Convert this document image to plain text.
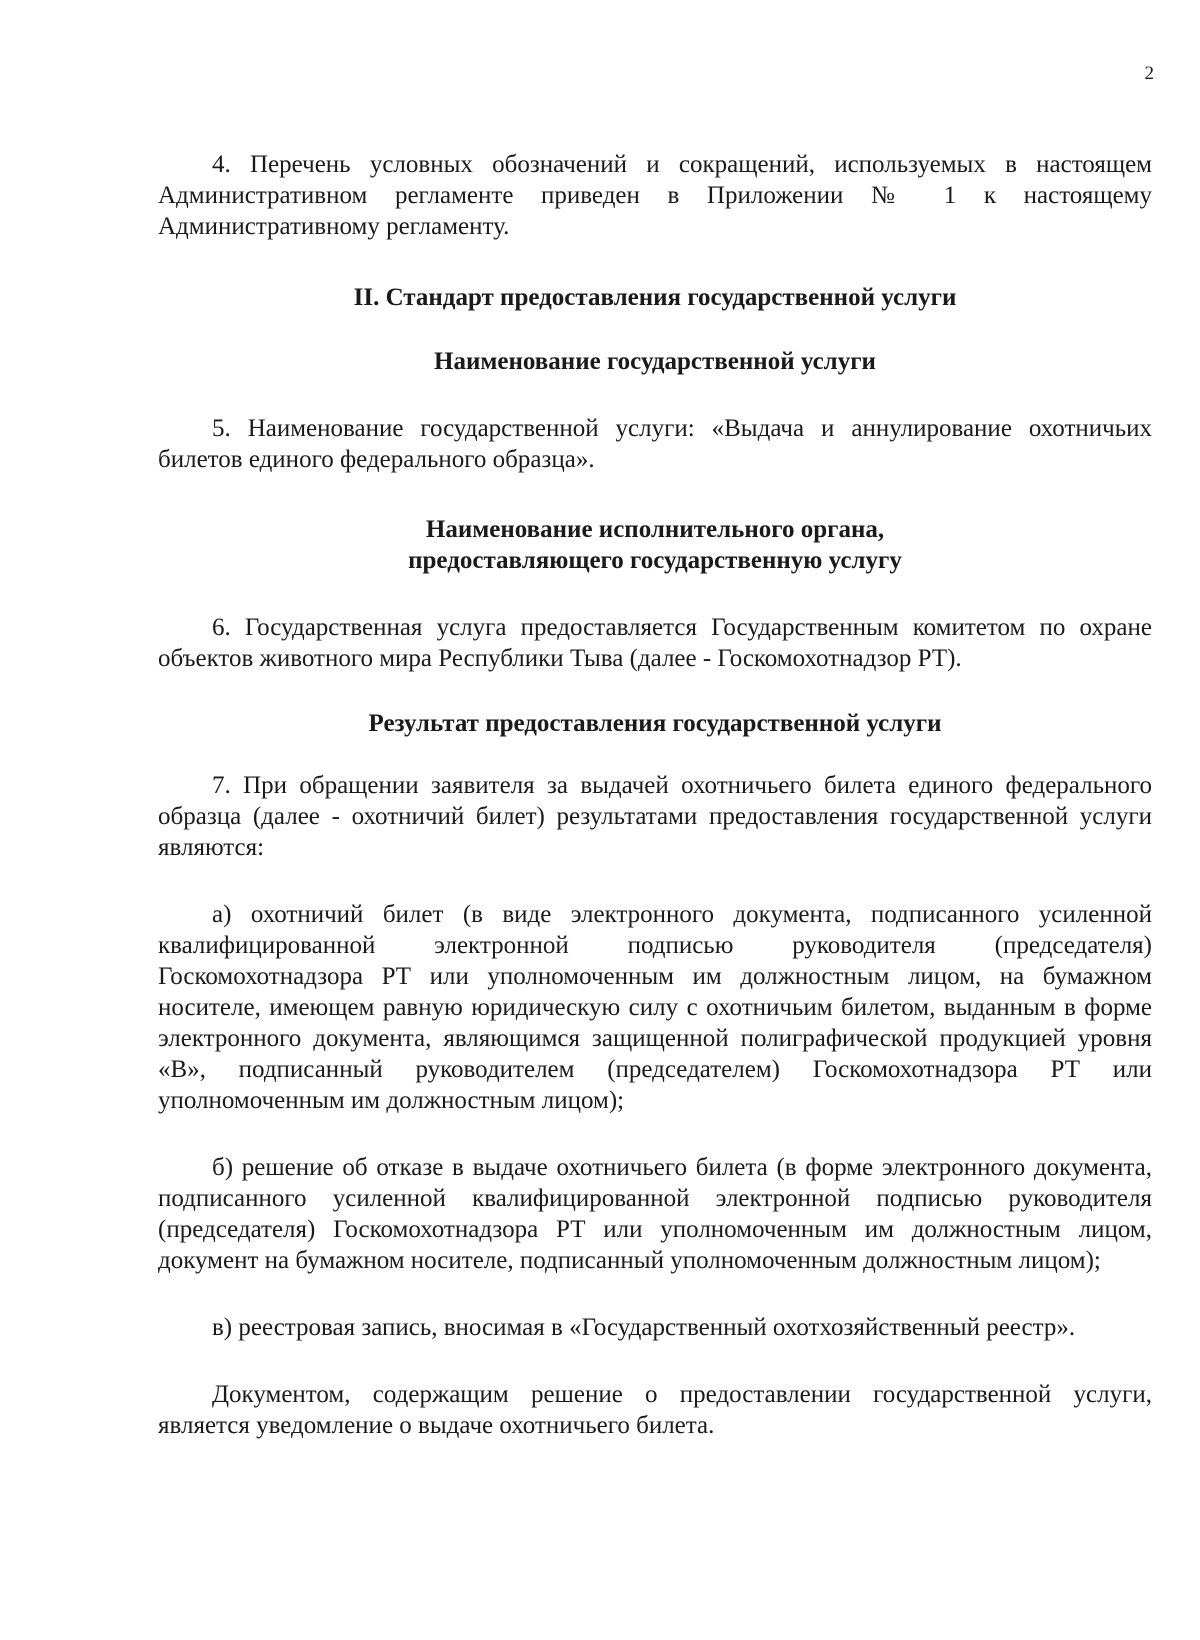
2

4. Перечень условных обозначений и сокращений, используемых в настоящем Административном регламенте приведен в Приложении № 1 к настоящему Административному регламенту.

II. Стандарт предоставления государственной услуги

Наименование государственной услуги

5. Наименование государственной услуги: «Выдача и аннулирование охотничьих билетов единого федерального образца».

Наименование исполнительного органа,

предоставляющего государственную услугу

6. Государственная услуга предоставляется Государственным комитетом по охране объектов животного мира Республики Тыва (далее - Госкомохотнадзор РТ).

Результат предоставления государственной услуги

7. При обращении заявителя за выдачей охотничьего билета единого федерального образца (далее - охотничий билет) результатами предоставления государственной услуги являются:

а) охотничий билет (в виде электронного документа, подписанного усиленной квалифицированной электронной подписью руководителя (председателя) Госкомохотнадзора РТ или уполномоченным им должностным лицом, на бумажном носителе, имеющем равную юридическую силу с охотничьим билетом, выданным в форме электронного документа, являющимся защищенной полиграфической продукцией уровня «В», подписанный руководителем (председателем) Госкомохотнадзора РТ или уполномоченным им должностным лицом);

б) решение об отказе в выдаче охотничьего билета (в форме электронного документа, подписанного усиленной квалифицированной электронной подписью руководителя (председателя) Госкомохотнадзора РТ или уполномоченным им должностным лицом, документ на бумажном носителе, подписанный уполномоченным должностным лицом);

в) реестровая запись, вносимая в «Государственный охотхозяйственный реестр».

Документом, содержащим решение о предоставлении государственной услуги, является уведомление о выдаче охотничьего билета.
